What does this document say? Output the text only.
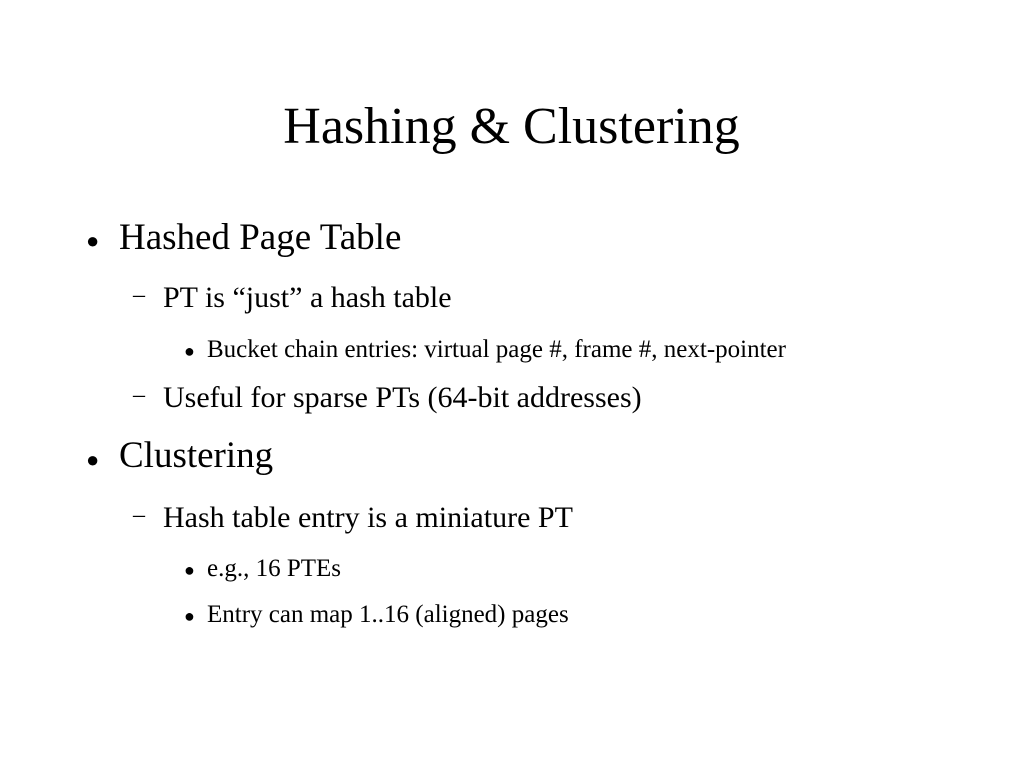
Hashing & Clustering
● Hashed Page Table
– PT is “just” a hash table
● Bucket chain entries: virtual page #, frame #, next-pointer
– Useful for sparse PTs (64-bit addresses)
● Clustering
– Hash table entry is a miniature PT
● e.g., 16 PTEs
● Entry can map 1..16 (aligned) pages
